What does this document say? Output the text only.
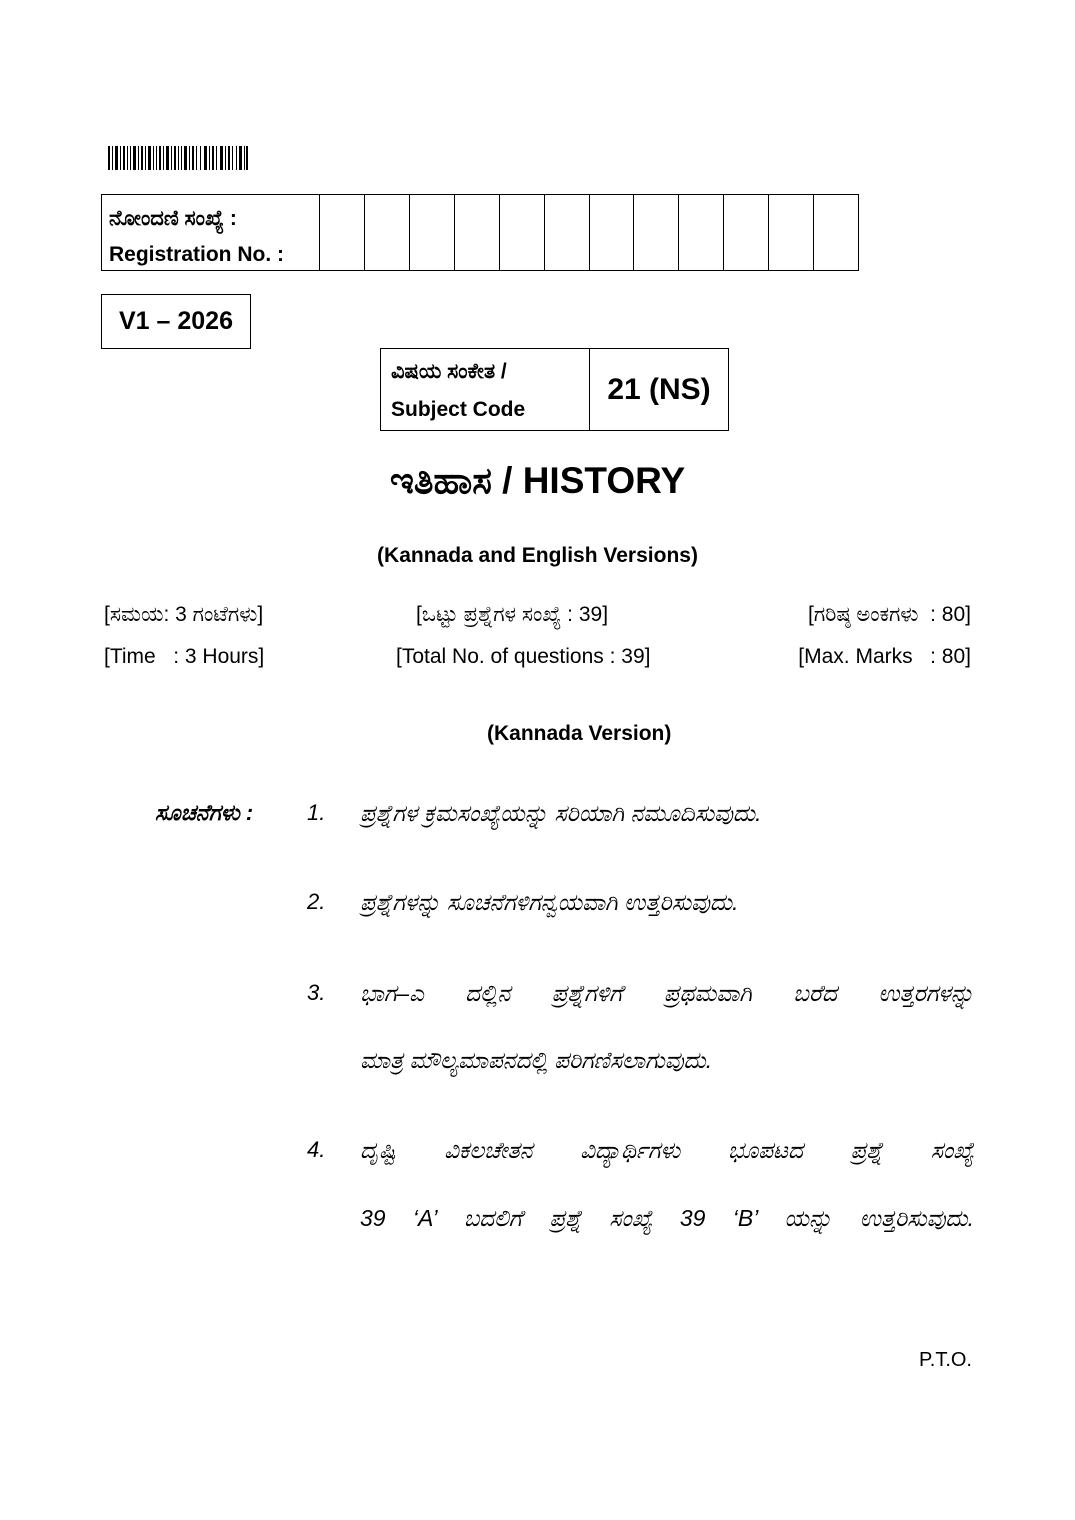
ನೋಂದಣಿ ಸಂಖ್ಯೆ :
Registration No. :
V1 – 2026
ವಿಷಯ ಸಂಕೇತ /
Subject Code
21 (NS)
ಇತಿಹಾಸ / HISTORY
(Kannada and English Versions)
[ಸಮಯ: 3 ಗಂಟೆಗಳು]	[ಒಟ್ಟು ಪ್ರಶ್ನೆಗಳ ಸಂಖ್ಯೆ : 39]	[ಗರಿಷ್ಠ ಅಂಕಗಳು  : 80]
[Time   : 3 Hours]	[Total No. of questions : 39]	[Max. Marks   : 80]
(Kannada Version)
ಸೂಚನೆಗಳು : 1. ಪ್ರಶ್ನೆಗಳ ಕ್ರಮಸಂಖ್ಯೆಯನ್ನು ಸರಿಯಾಗಿ ನಮೂದಿಸುವುದು.
2. ಪ್ರಶ್ನೆಗಳನ್ನು ಸೂಚನೆಗಳಿಗನ್ವಯವಾಗಿ ಉತ್ತರಿಸುವುದು.
3. ಭಾಗ–ಎ ದಲ್ಲಿನ ಪ್ರಶ್ನೆಗಳಿಗೆ ಪ್ರಥಮವಾಗಿ ಬರೆದ ಉತ್ತರಗಳನ್ನು
ಮಾತ್ರ ಮೌಲ್ಯಮಾಪನದಲ್ಲಿ ಪರಿಗಣಿಸಲಾಗುವುದು.
4. ದೃಷ್ಟಿ ವಿಕಲಚೇತನ ವಿದ್ಯಾರ್ಥಿಗಳು ಭೂಪಟದ ಪ್ರಶ್ನೆ ಸಂಖ್ಯೆ
39 ‘A’ ಬದಲಿಗೆ ಪ್ರಶ್ನೆ ಸಂಖ್ಯೆ 39 ‘B’ ಯನ್ನು ಉತ್ತರಿಸುವುದು.
P.T.O.
